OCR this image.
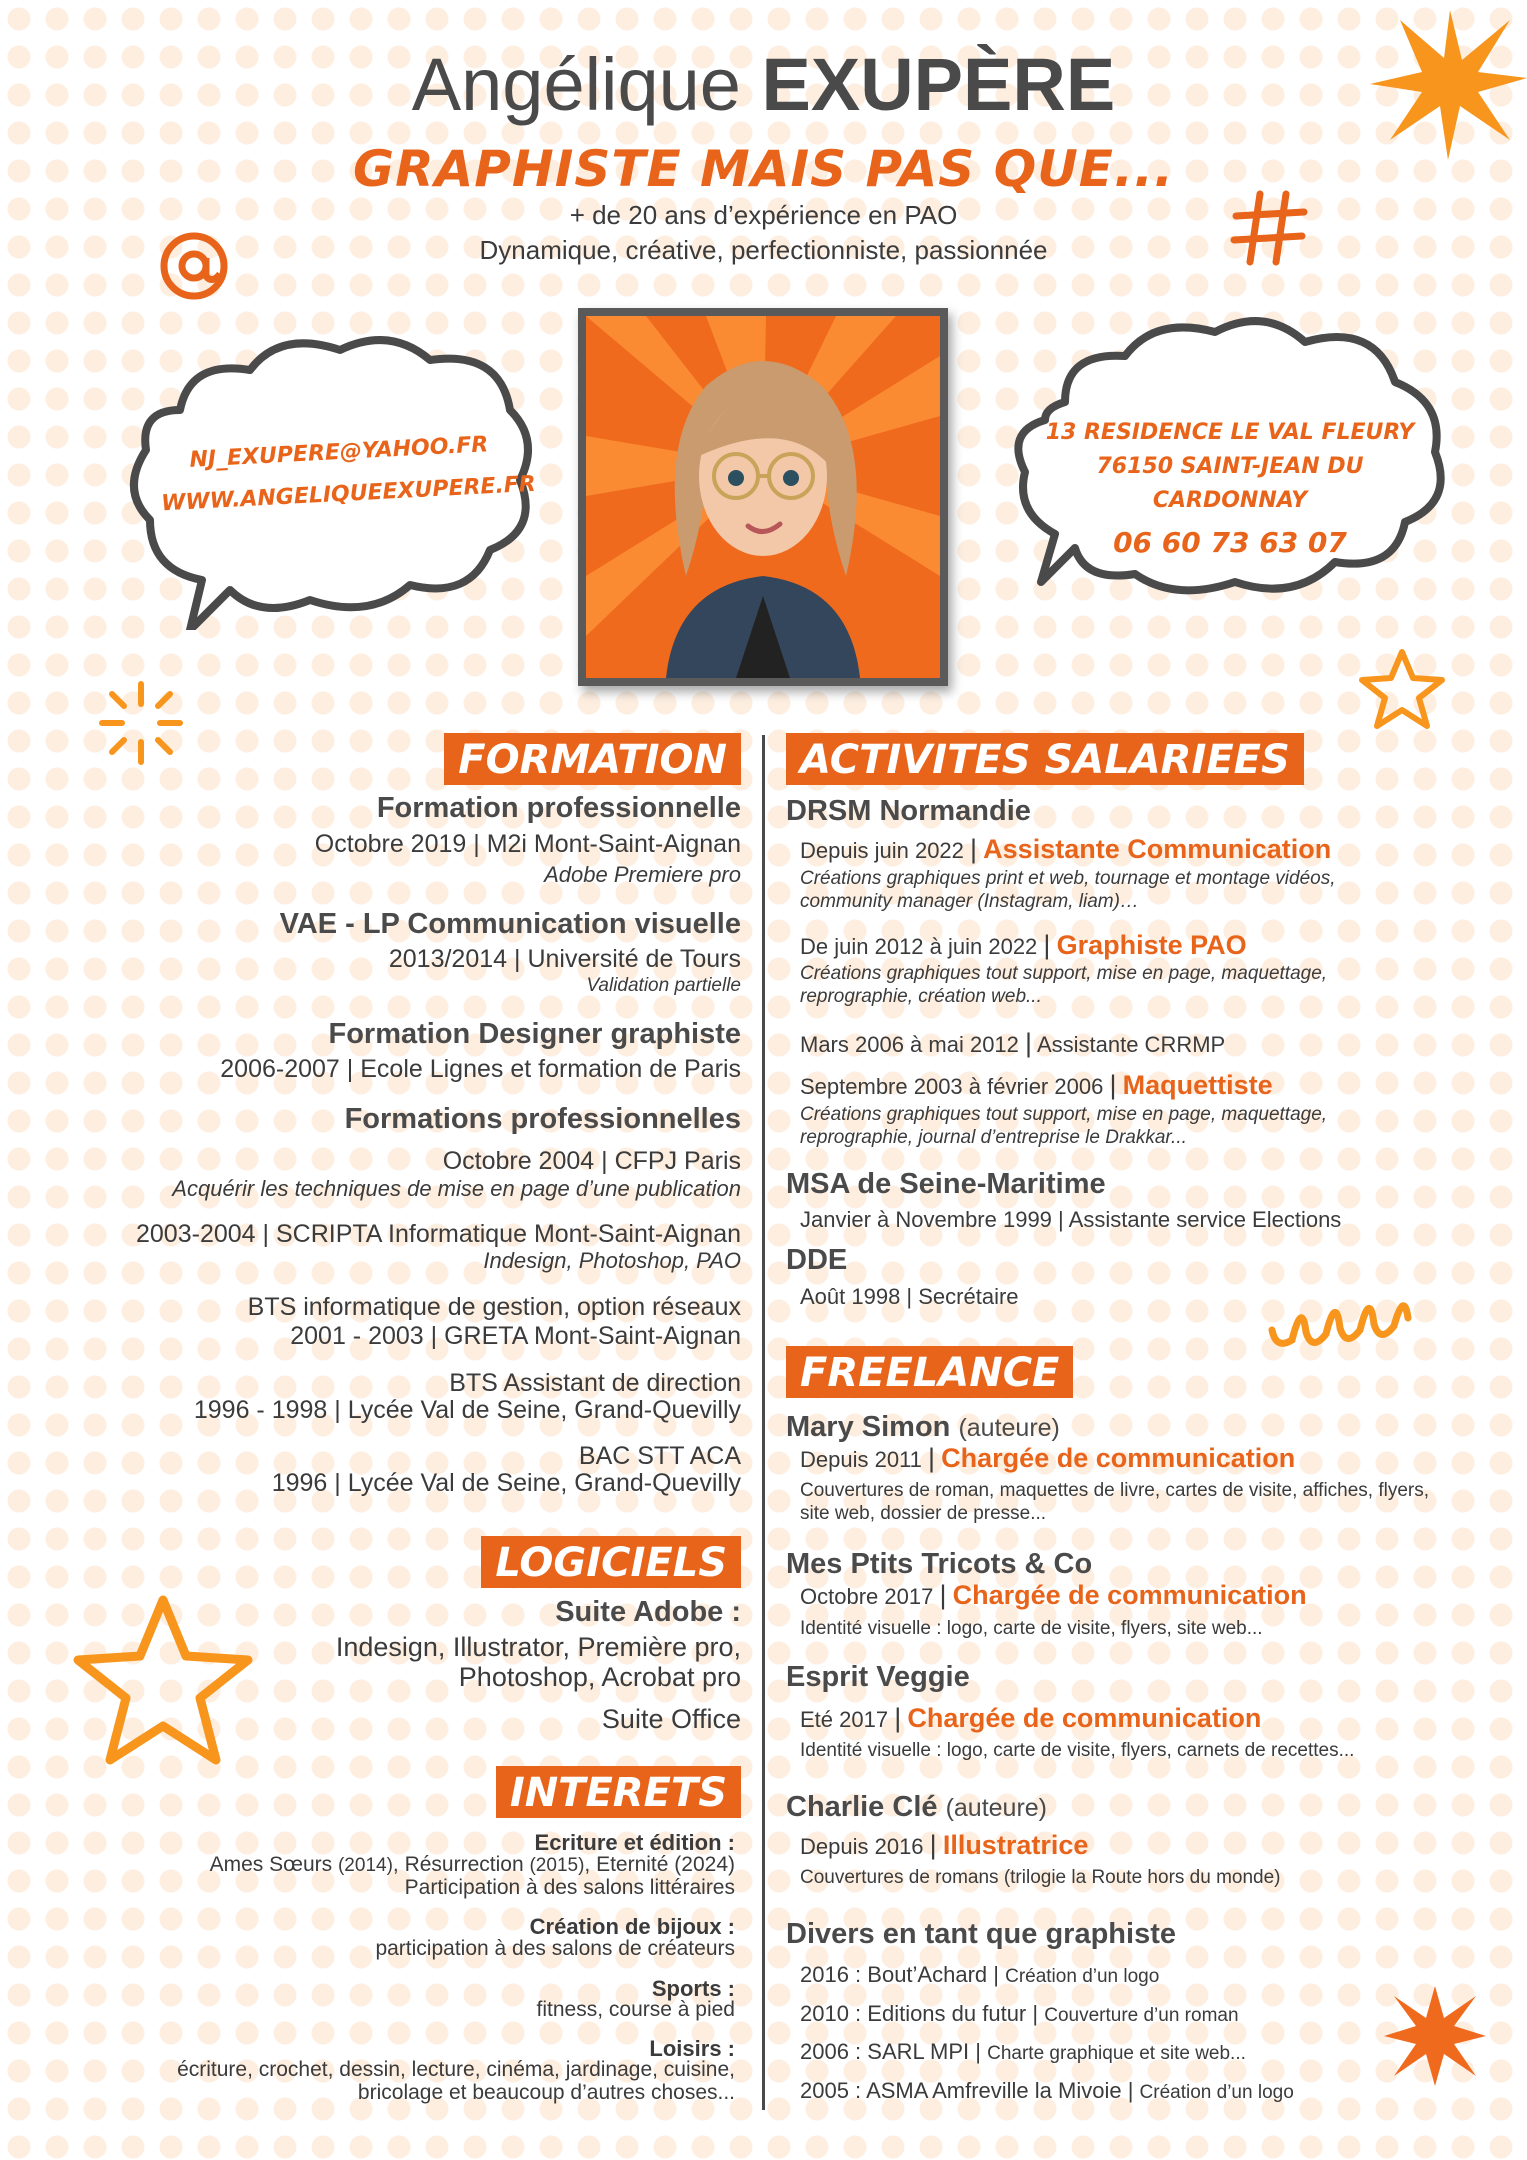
Angélique EXUPÈRE
GRAPHISTE MAIS PAS QUE...
+ de 20 ans d’expérience en PAO
Dynamique, créative, perfectionniste, passionnée
NJ_EXUPERE@YAHOO.FR
WWW.ANGELIQUEEXUPERE.FR
13 RESIDENCE LE VAL FLEURY
76150 SAINT-JEAN DU CARDONNAY
06 60 73 63 07
FORMATION
Formation professionnelle
Octobre 2019 | M2i Mont-Saint-Aignan
Adobe Premiere pro
VAE - LP Communication visuelle
2013/2014 | Université de Tours
Validation partielle
Formation Designer graphiste
2006-2007 | Ecole Lignes et formation de Paris
Formations professionnelles
Octobre 2004 | CFPJ Paris
Acquérir les techniques de mise en page d’une publication
2003-2004 | SCRIPTA Informatique Mont-Saint-Aignan
Indesign, Photoshop, PAO
BTS informatique de gestion, option réseaux
2001 - 2003 | GRETA Mont-Saint-Aignan
BTS Assistant de direction
1996 - 1998 | Lycée Val de Seine, Grand-Quevilly
BAC STT ACA
1996 | Lycée Val de Seine, Grand-Quevilly
LOGICIELS
Suite Adobe :
Indesign, Illustrator, Première pro,
Photoshop, Acrobat pro
Suite Office
INTERETS
Ecriture et édition :
Ames Sœurs (2014), Résurrection (2015), Eternité (2024)
Participation à des salons littéraires
Création de bijoux :
participation à des salons de créateurs
Sports :
fitness, course à pied
Loisirs :
écriture, crochet, dessin, lecture, cinéma, jardinage, cuisine,
bricolage et beaucoup d’autres choses...
ACTIVITES SALARIEES
DRSM Normandie
Depuis juin 2022 | Assistante Communication
Créations graphiques print et web, tournage et montage vidéos,
community manager (Instagram, liam)…
De juin 2012 à juin 2022 | Graphiste PAO
Créations graphiques tout support, mise en page, maquettage,
reprographie, création web...
Mars 2006 à mai 2012 | Assistante CRRMP
Septembre 2003 à février 2006 | Maquettiste
Créations graphiques tout support, mise en page, maquettage,
reprographie, journal d’entreprise le Drakkar...
MSA de Seine-Maritime
Janvier à Novembre 1999 | Assistante service Elections
DDE
Août 1998 | Secrétaire
FREELANCE
Mary Simon (auteure)
Depuis 2011 | Chargée de communication
Couvertures de roman, maquettes de livre, cartes de visite, affiches, flyers,
site web, dossier de presse...
Mes Ptits Tricots & Co
Octobre 2017 | Chargée de communication
Identité visuelle : logo, carte de visite, flyers, site web...
Esprit Veggie
Eté 2017 | Chargée de communication
Identité visuelle : logo, carte de visite, flyers, carnets de recettes...
Charlie Clé (auteure)
Depuis 2016 | Illustratrice
Couvertures de romans (trilogie la Route hors du monde)
Divers en tant que graphiste
2016 : Bout’Achard | Création d’un logo
2010 : Editions du futur | Couverture d’un roman
2006 : SARL MPI | Charte graphique et site web...
2005 : ASMA Amfreville la Mivoie | Création d’un logo
